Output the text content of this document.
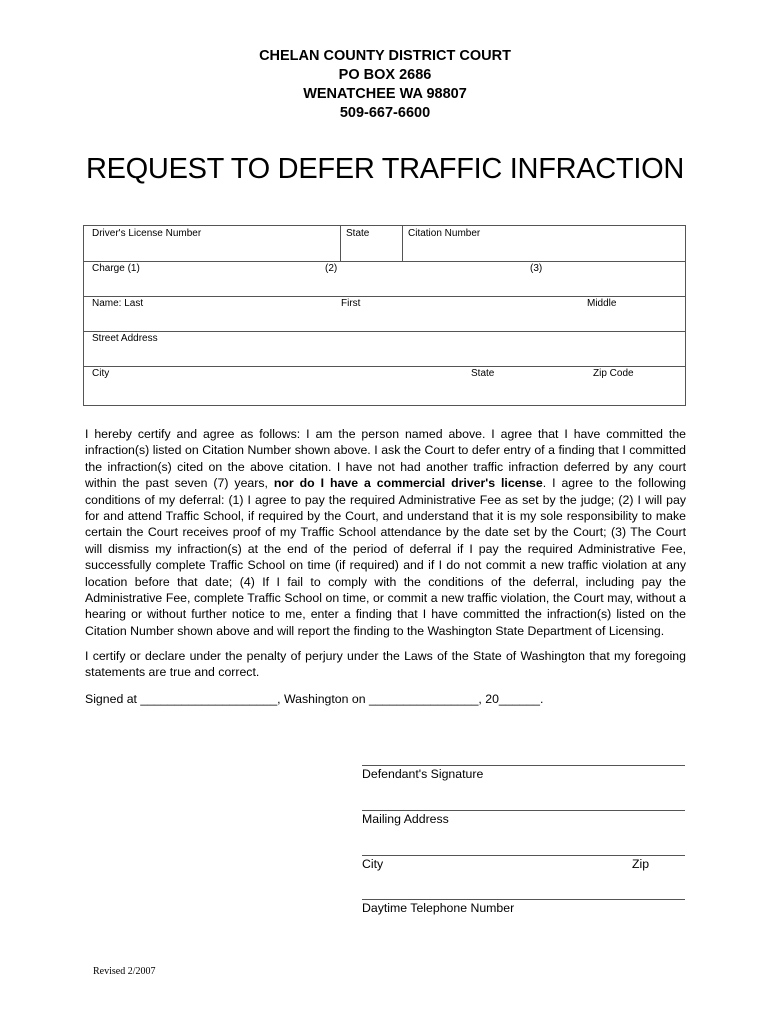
CHELAN COUNTY DISTRICT COURT
PO BOX 2686
WENATCHEE WA 98807
509-667-6600
REQUEST TO DEFER TRAFFIC INFRACTION
Driver's License Number	State	Citation Number
Charge (1)	(2)	(3)
Name: Last	First	Middle
Street Address
City	State	Zip Code
I hereby certify and agree as follows: I am the person named above. I agree that I have committed the infraction(s) listed on Citation Number shown above. I ask the Court to defer entry of a finding that I committed the infraction(s) cited on the above citation. I have not had another traffic infraction deferred by any court within the past seven (7) years, nor do I have a commercial driver's license. I agree to the following conditions of my deferral: (1) I agree to pay the required Administrative Fee as set by the judge; (2) I will pay for and attend Traffic School, if required by the Court, and understand that it is my sole responsibility to make certain the Court receives proof of my Traffic School attendance by the date set by the Court; (3) The Court will dismiss my infraction(s) at the end of the period of deferral if I pay the required Administrative Fee, successfully complete Traffic School on time (if required) and if I do not commit a new traffic violation at any location before that date; (4) If I fail to comply with the conditions of the deferral, including pay the Administrative Fee, complete Traffic School on time, or commit a new traffic violation, the Court may, without a hearing or without further notice to me, enter a finding that I have committed the infraction(s) listed on the Citation Number shown above and will report the finding to the Washington State Department of Licensing.
I certify or declare under the penalty of perjury under the Laws of the State of Washington that my foregoing statements are true and correct.
Signed at ____________________, Washington on ________________, 20______.
Defendant's Signature
Mailing Address
City	Zip
Daytime Telephone Number
Revised 2/2007
